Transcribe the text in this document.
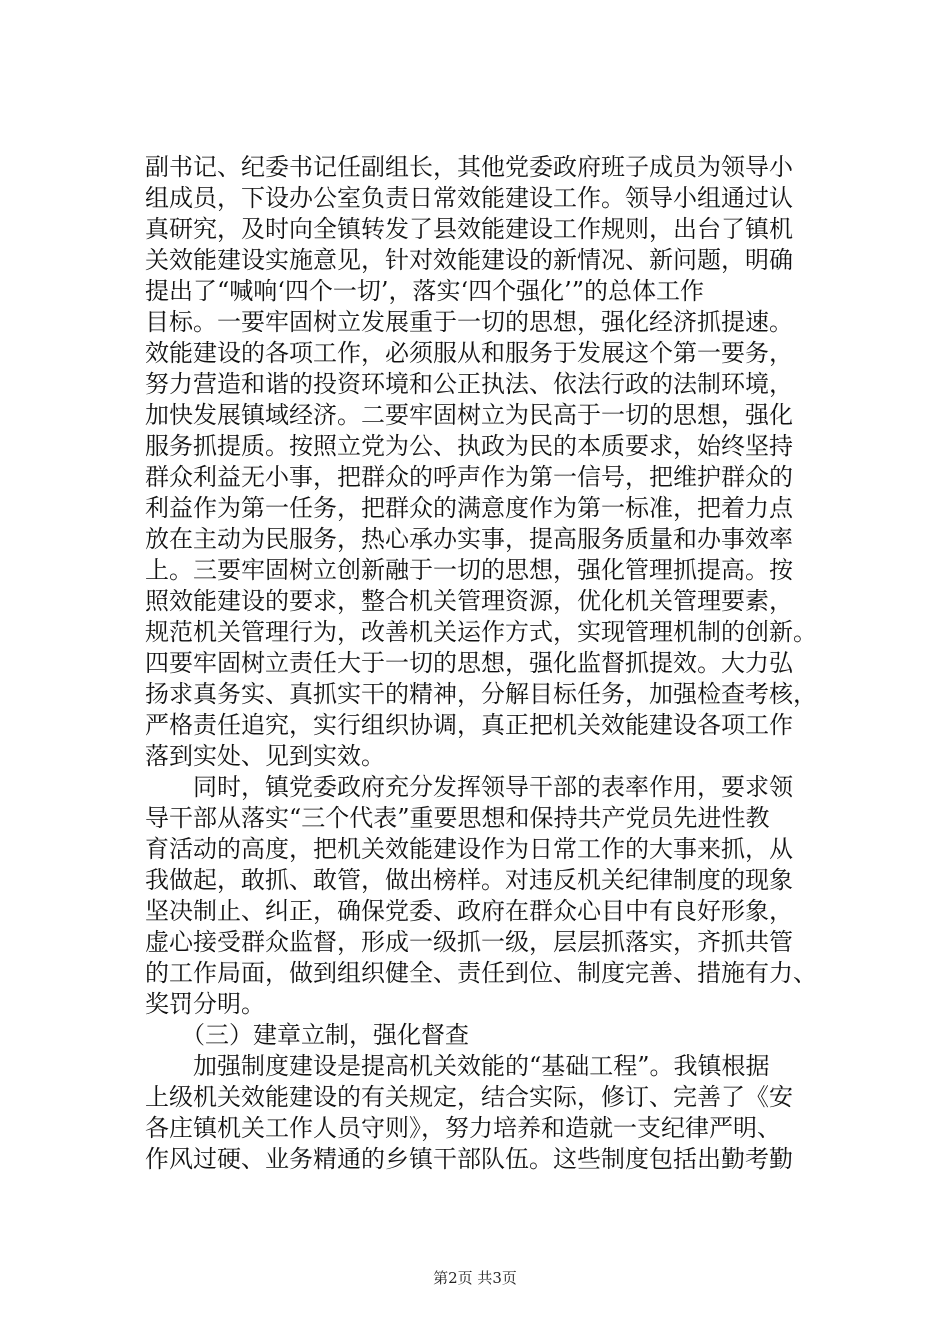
副书记、纪委书记任副组长，其他党委政府班子成员为领导小
组成员，下设办公室负责日常效能建设工作。领导小组通过认
真研究，及时向全镇转发了县效能建设工作规则，出台了镇机
关效能建设实施意见，针对效能建设的新情况、新问题，明确
提出了“喊响‘四个一切’，落实‘四个强化’”的总体工作
目标。一要牢固树立发展重于一切的思想，强化经济抓提速。
效能建设的各项工作，必须服从和服务于发展这个第一要务，
努力营造和谐的投资环境和公正执法、依法行政的法制环境，
加快发展镇域经济。二要牢固树立为民高于一切的思想，强化
服务抓提质。按照立党为公、执政为民的本质要求，始终坚持
群众利益无小事，把群众的呼声作为第一信号，把维护群众的
利益作为第一任务，把群众的满意度作为第一标准，把着力点
放在主动为民服务，热心承办实事，提高服务质量和办事效率
上。三要牢固树立创新融于一切的思想，强化管理抓提高。按
照效能建设的要求，整合机关管理资源，优化机关管理要素，
规范机关管理行为，改善机关运作方式，实现管理机制的创新。
四要牢固树立责任大于一切的思想，强化监督抓提效。大力弘
扬求真务实、真抓实干的精神，分解目标任务，加强检查考核，
严格责任追究，实行组织协调，真正把机关效能建设各项工作
落到实处、见到实效。
　　同时，镇党委政府充分发挥领导干部的表率作用，要求领
导干部从落实“三个代表”重要思想和保持共产党员先进性教
育活动的高度，把机关效能建设作为日常工作的大事来抓，从
我做起，敢抓、敢管，做出榜样。对违反机关纪律制度的现象
坚决制止、纠正，确保党委、政府在群众心目中有良好形象，
虚心接受群众监督，形成一级抓一级，层层抓落实，齐抓共管
的工作局面，做到组织健全、责任到位、制度完善、措施有力、
奖罚分明。
　　（三）建章立制，强化督查
　　加强制度建设是提高机关效能的“基础工程”。我镇根据
上级机关效能建设的有关规定，结合实际，修订、完善了《安
各庄镇机关工作人员守则》，努力培养和造就一支纪律严明、
作风过硬、业务精通的乡镇干部队伍。这些制度包括出勤考勤
第2页 共3页
